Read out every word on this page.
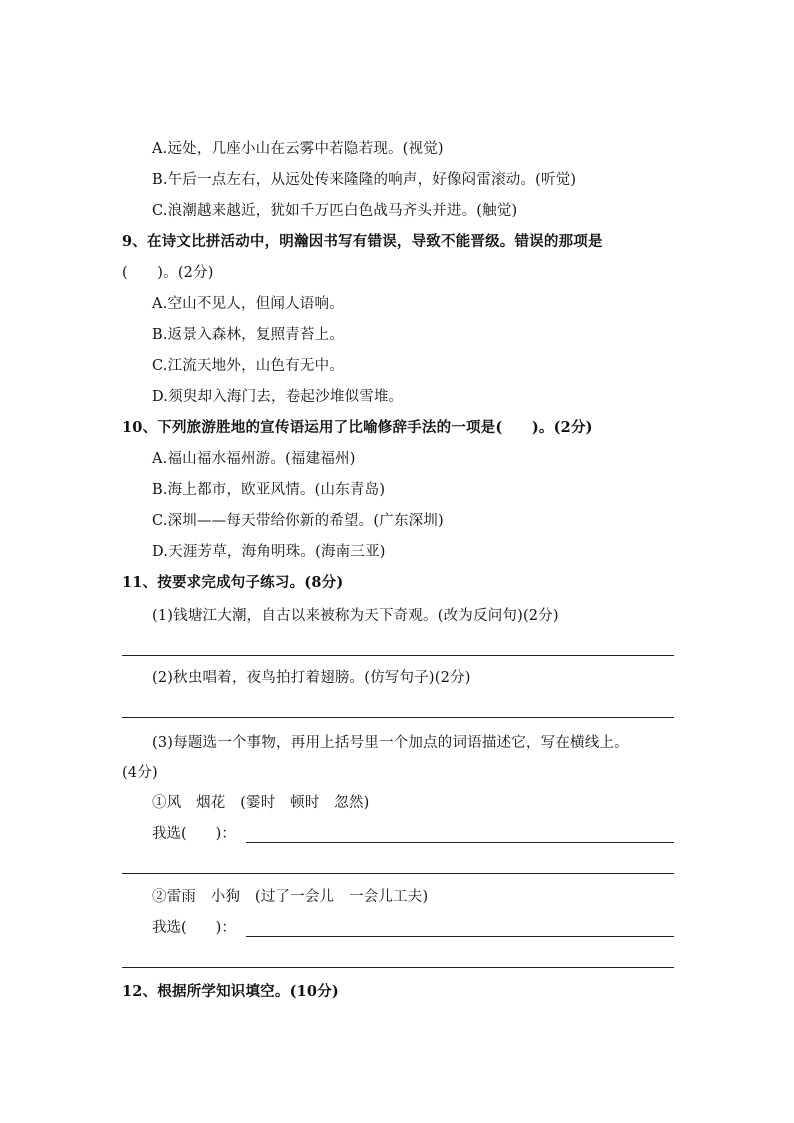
A.远处，几座小山在云雾中若隐若现。(视觉)
B.午后一点左右，从远处传来隆隆的响声，好像闷雷滚动。(听觉)
C.浪潮越来越近，犹如千万匹白色战马齐头并进。(触觉)
9、在诗文比拼活动中，明瀚因书写有错误，导致不能晋级。错误的那项是
(　　)。(2分)
A.空山不见人，但闻人语响。
B.返景入森林，复照青苔上。
C.江流天地外，山色有无中。
D.须臾却入海门去，卷起沙堆似雪堆。
10、下列旅游胜地的宣传语运用了比喻修辞手法的一项是(　　)。(2分)
A.福山福水福州游。(福建福州)
B.海上都市，欧亚风情。(山东青岛)
C.深圳——每天带给你新的希望。(广东深圳)
D.天涯芳草，海角明珠。(海南三亚)
11、按要求完成句子练习。(8分)
(1)钱塘江大潮，自古以来被称为天下奇观。(改为反问句)(2分)
(2)秋虫唱着，夜鸟拍打着翅膀。(仿写句子)(2分)
(3)每题选一个事物，再用上括号里一个加点的词语描述它，写在横线上。
(4分)
①风　烟花　(霎时　顿时　忽然)
我选(　　)：
②雷雨　小狗　(过了一会儿　一会儿工夫)
我选(　　)：
12、根据所学知识填空。(10分)
